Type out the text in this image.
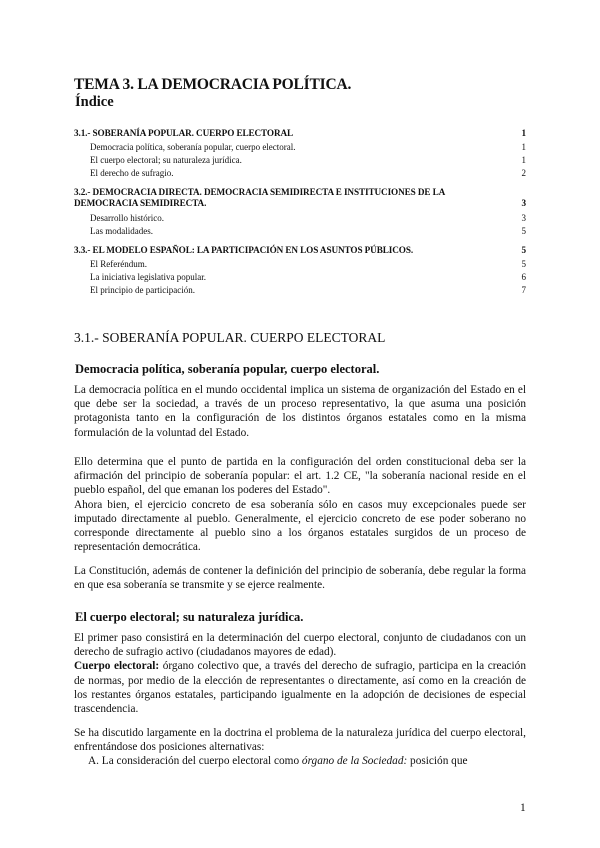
TEMA 3. LA DEMOCRACIA POLÍTICA.
Índice
3.1.- SOBERANÍA POPULAR. CUERPO ELECTORAL	1
Democracia política, soberanía popular, cuerpo electoral.	1
El cuerpo electoral; su naturaleza jurídica.	1
El derecho de sufragio.	2
3.2.- DEMOCRACIA DIRECTA. DEMOCRACIA SEMIDIRECTA E INSTITUCIONES DE LA DEMOCRACIA SEMIDIRECTA.	3
Desarrollo histórico.	3
Las modalidades.	5
3.3.- EL MODELO ESPAÑOL: LA PARTICIPACIÓN EN LOS ASUNTOS PÚBLICOS.	5
El Referéndum.	5
La iniciativa legislativa popular.	6
El principio de participación.	7
3.1.- SOBERANÍA POPULAR. CUERPO ELECTORAL
Democracia política, soberanía popular, cuerpo electoral.

La democracia política en el mundo occidental implica un sistema de organización del Estado en el que debe ser la sociedad, a través de un proceso representativo, la que asuma una posición protagonista tanto en la configuración de los distintos órganos estatales como en la misma formulación de la voluntad del Estado.

Ello determina que el punto de partida en la configuración del orden constitucional deba ser la afirmación del principio de soberanía popular: el art. 1.2 CE, "la soberanía nacional reside en el pueblo español, del que emanan los poderes del Estado".

Ahora bien, el ejercicio concreto de esa soberanía sólo en casos muy excepcionales puede ser imputado directamente al pueblo. Generalmente, el ejercicio concreto de ese poder soberano no corresponde directamente al pueblo sino a los órganos estatales surgidos de un proceso de representación democrática.

La Constitución, además de contener la definición del principio de soberanía, debe regular la forma en que esa soberanía se transmite y se ejerce realmente.

El cuerpo electoral; su naturaleza jurídica.

El primer paso consistirá en la determinación del cuerpo electoral, conjunto de ciudadanos con un derecho de sufragio activo (ciudadanos mayores de edad).

Cuerpo electoral: órgano colectivo que, a través del derecho de sufragio, participa en la creación de normas, por medio de la elección de representantes o directamente, así como en la creación de los restantes órganos estatales, participando igualmente en la adopción de decisiones de especial trascendencia.

Se ha discutido largamente en la doctrina el problema de la naturaleza jurídica del cuerpo electoral, enfrentándose dos posiciones alternativas:

A. La consideración del cuerpo electoral como órgano de la Sociedad: posición que

1
